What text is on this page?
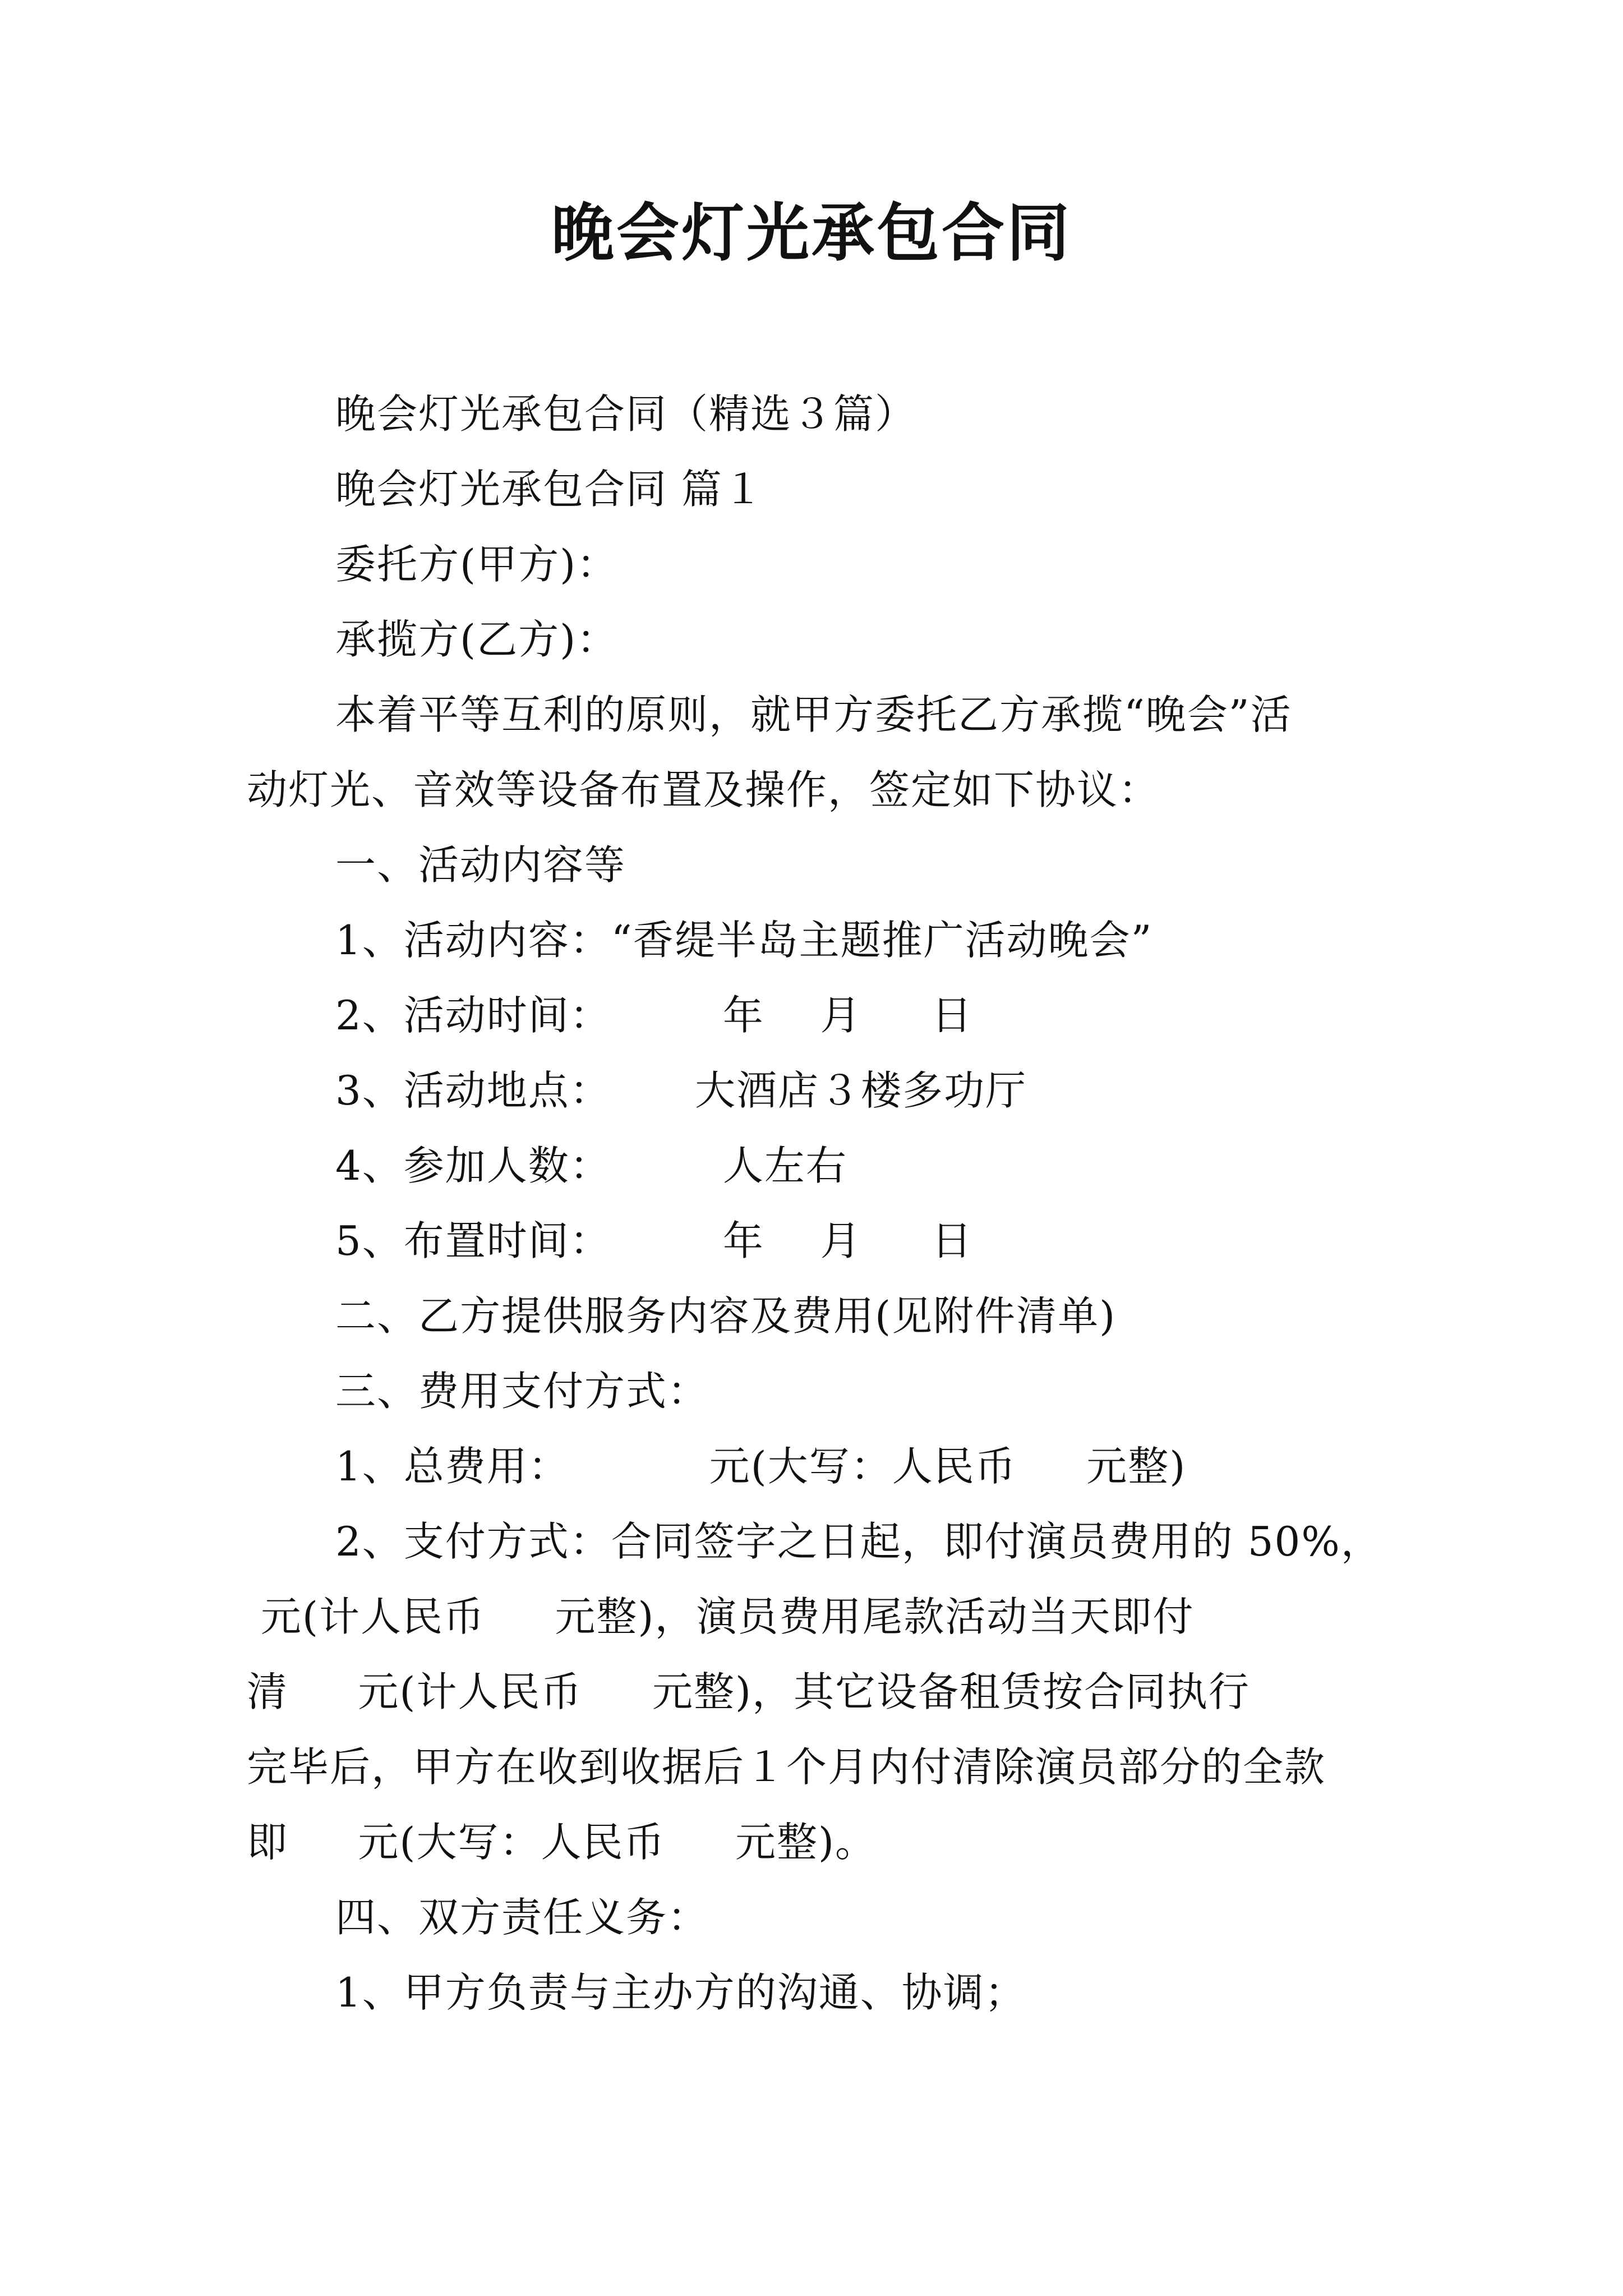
晚会灯光承包合同
晚会灯光承包合同（精选３篇）
晚会灯光承包合同 篇１
委托方(甲方)：
承揽方(乙方)：
本着平等互利的原则，就甲方委托乙方承揽“晚会”活
动灯光、音效等设备布置及操作，签定如下协议：
一、活动内容等
1、活动内容：“香缇半岛主题推广活动晚会”
2、活动时间：        年    月     日
3、活动地点：      大酒店３楼多功厅
4、参加人数：        人左右
5、布置时间：        年    月     日
二、乙方提供服务内容及费用(见附件清单)
三、费用支付方式：
1、总费用：          元(大写：人民币     元整)
2、支付方式：合同签字之日起，即付演员费用的 50%，
元(计人民币     元整)，演员费用尾款活动当天即付
清     元(计人民币     元整)，其它设备租赁按合同执行
完毕后，甲方在收到收据后１个月内付清除演员部分的全款
即     元(大写：人民币     元整)。
四、双方责任义务：
1、甲方负责与主办方的沟通、协调；
